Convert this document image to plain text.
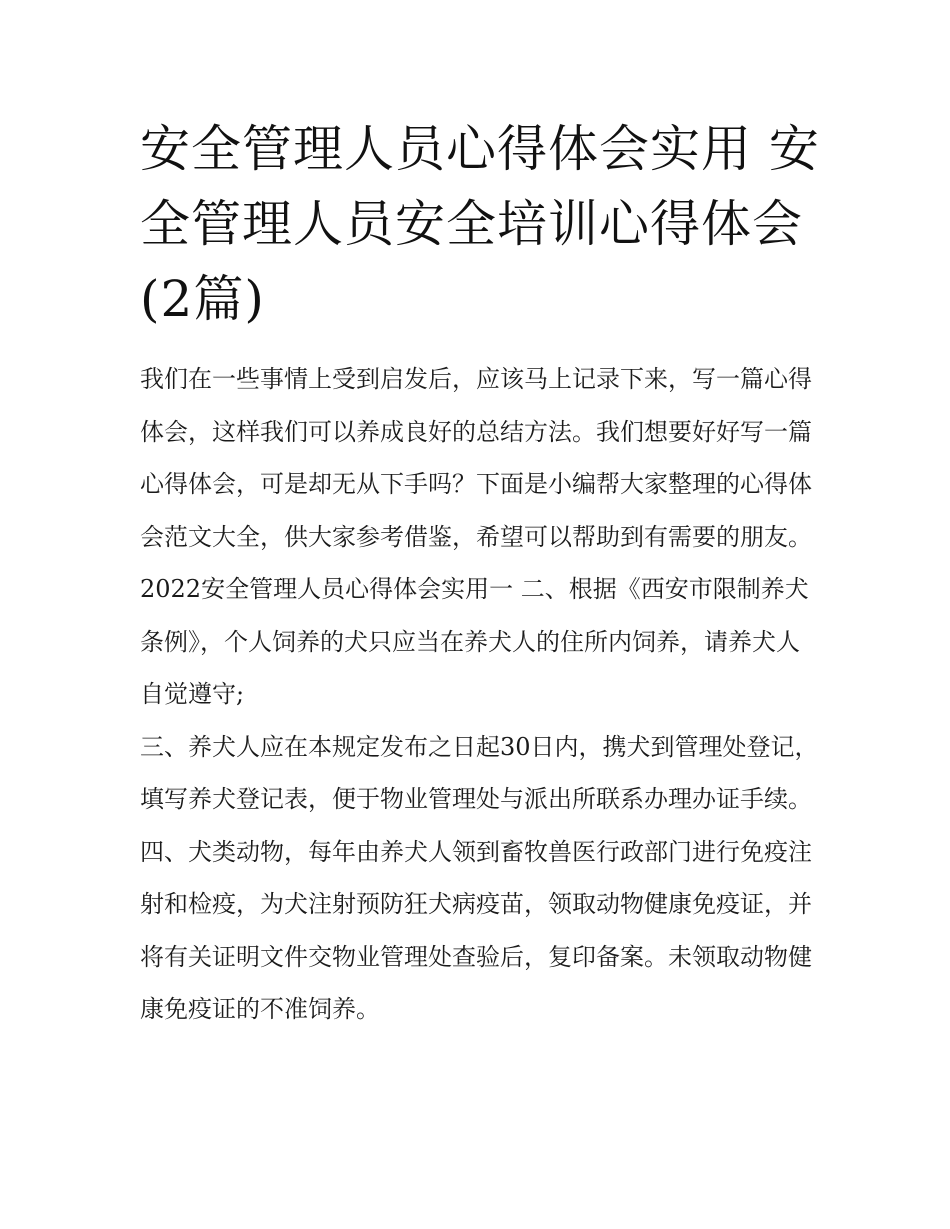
安全管理人员心得体会实用 安全管理人员安全培训心得体会(2篇)

我们在一些事情上受到启发后，应该马上记录下来，写一篇心得体会，这样我们可以养成良好的总结方法。我们想要好好写一篇心得体会，可是却无从下手吗？下面是小编帮大家整理的心得体会范文大全，供大家参考借鉴，希望可以帮助到有需要的朋友。

2022安全管理人员心得体会实用一 二、根据《西安市限制养犬条例》，个人饲养的犬只应当在养犬人的住所内饲养，请养犬人自觉遵守;

三、养犬人应在本规定发布之日起30日内，携犬到管理处登记，填写养犬登记表，便于物业管理处与派出所联系办理办证手续。

四、犬类动物，每年由养犬人领到畜牧兽医行政部门进行免疫注射和检疫，为犬注射预防狂犬病疫苗，领取动物健康免疫证，并将有关证明文件交物业管理处查验后，复印备案。未领取动物健康免疫证的不准饲养。
